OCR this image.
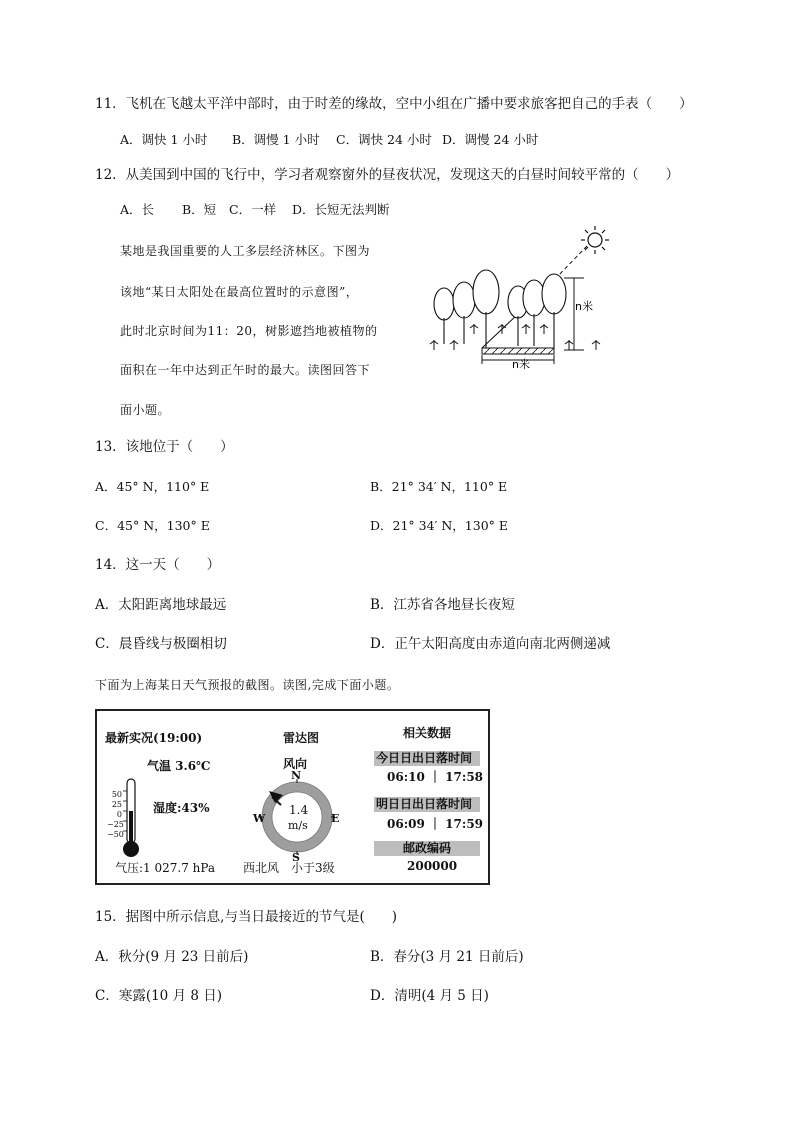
11．飞机在飞越太平洋中部时，由于时差的缘故，空中小组在广播中要求旅客把自己的手表（　　）
A．调快 1 小时 B．调慢 1 小时 C．调快 24 小时 D．调慢 24 小时
12．从美国到中国的飞行中，学习者观察窗外的昼夜状况，发现这天的白昼时间较平常的（　　）
A．长 B．短 C．一样 D．长短无法判断
某地是我国重要的人工多层经济林区。下图为
该地“某日太阳处在最高位置时的示意图”，
此时北京时间为11：20，树影遮挡地被植物的
面积在一年中达到正午时的最大。读图回答下
面小题。
n米
n米
13．该地位于（　　）
A．45° N，110° E	B．21° 34′ N，110° E
C．45° N，130° E	D．21° 34′ N，130° E
14．这一天（　　）
A．太阳距离地球最远	B．江苏省各地昼长夜短
C．晨昏线与极圈相切	D．正午太阳高度由赤道向南北两侧递减
下面为上海某日天气预报的截图。读图,完成下面小题。
最新实况(19:00)
气温 3.6℃
湿度:43%
气压:1 027.7 hPa
50
25
0
−25
−50
雷达图
风向
N
W	E
S
1.4
m/s
西北风　小于3级
相关数据
今日日出日落时间
06:10 ｜ 17:58
明日日出日落时间
06:09 ｜ 17:59
邮政编码
200000
15．据图中所示信息,与当日最接近的节气是(　　)
A．秋分(9 月 23 日前后)	B．春分(3 月 21 日前后)
C．寒露(10 月 8 日)	D．清明(4 月 5 日)
